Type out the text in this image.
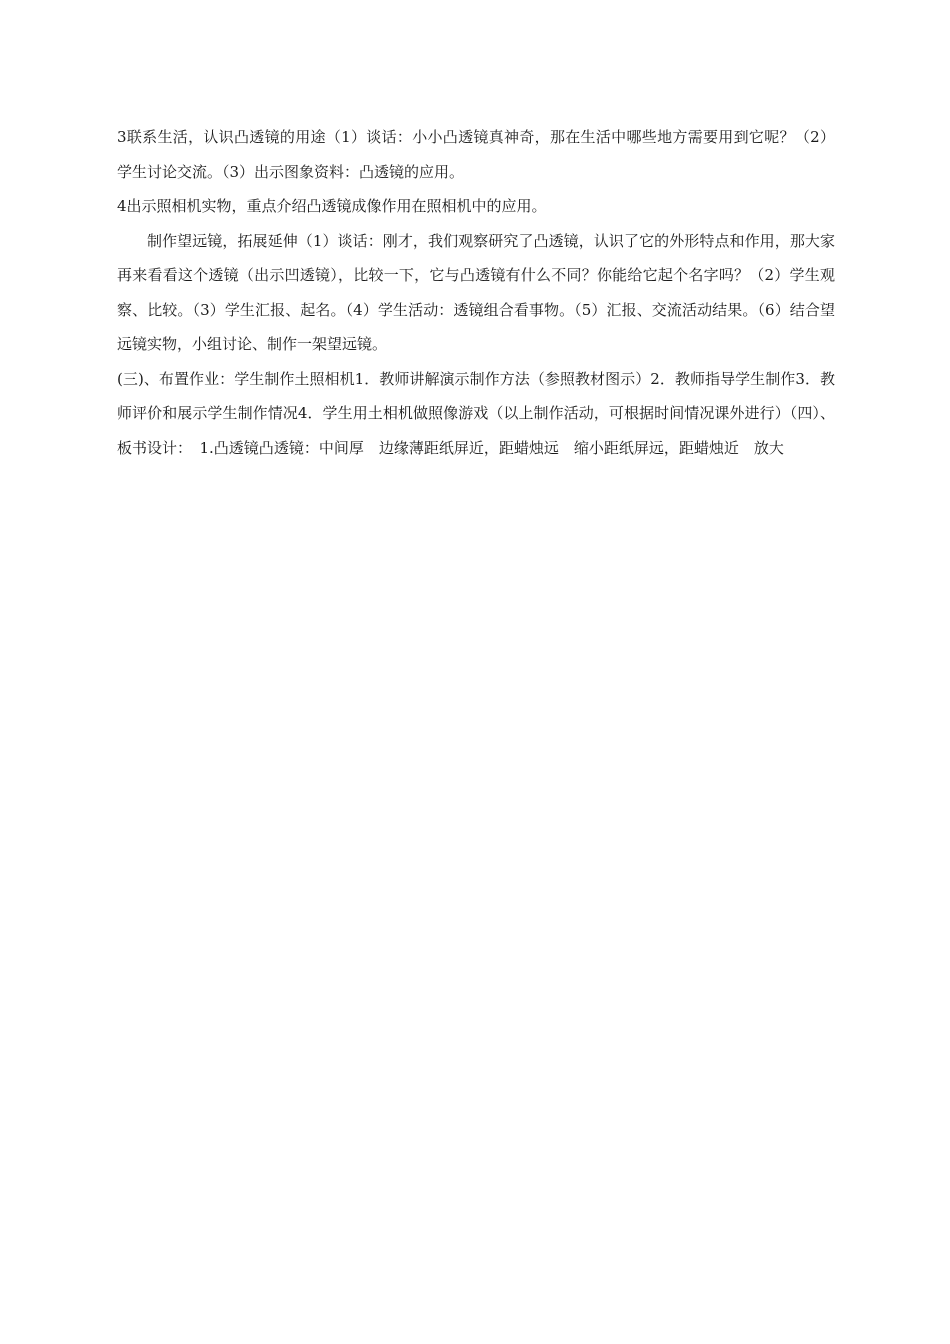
3联系生活，认识凸透镜的用途（1）谈话：小小凸透镜真神奇，那在生活中哪些地方需要用到它呢？（2）学生讨论交流。（3）出示图象资料：凸透镜的应用。

4出示照相机实物，重点介绍凸透镜成像作用在照相机中的应用。

制作望远镜，拓展延伸（1）谈话：刚才，我们观察研究了凸透镜，认识了它的外形特点和作用，那大家再来看看这个透镜（出示凹透镜），比较一下，它与凸透镜有什么不同？你能给它起个名字吗？（2）学生观察、比较。（3）学生汇报、起名。（4）学生活动：透镜组合看事物。（5）汇报、交流活动结果。（6）结合望远镜实物，小组讨论、制作一架望远镜。

(三)、布置作业：学生制作土照相机1．教师讲解演示制作方法（参照教材图示）2．教师指导学生制作3．教师评价和展示学生制作情况4．学生用土相机做照像游戏（以上制作活动，可根据时间情况课外进行）（四）、板书设计：　1.凸透镜凸透镜：中间厚　边缘薄距纸屏近，距蜡烛远　缩小距纸屏远，距蜡烛近　放大
